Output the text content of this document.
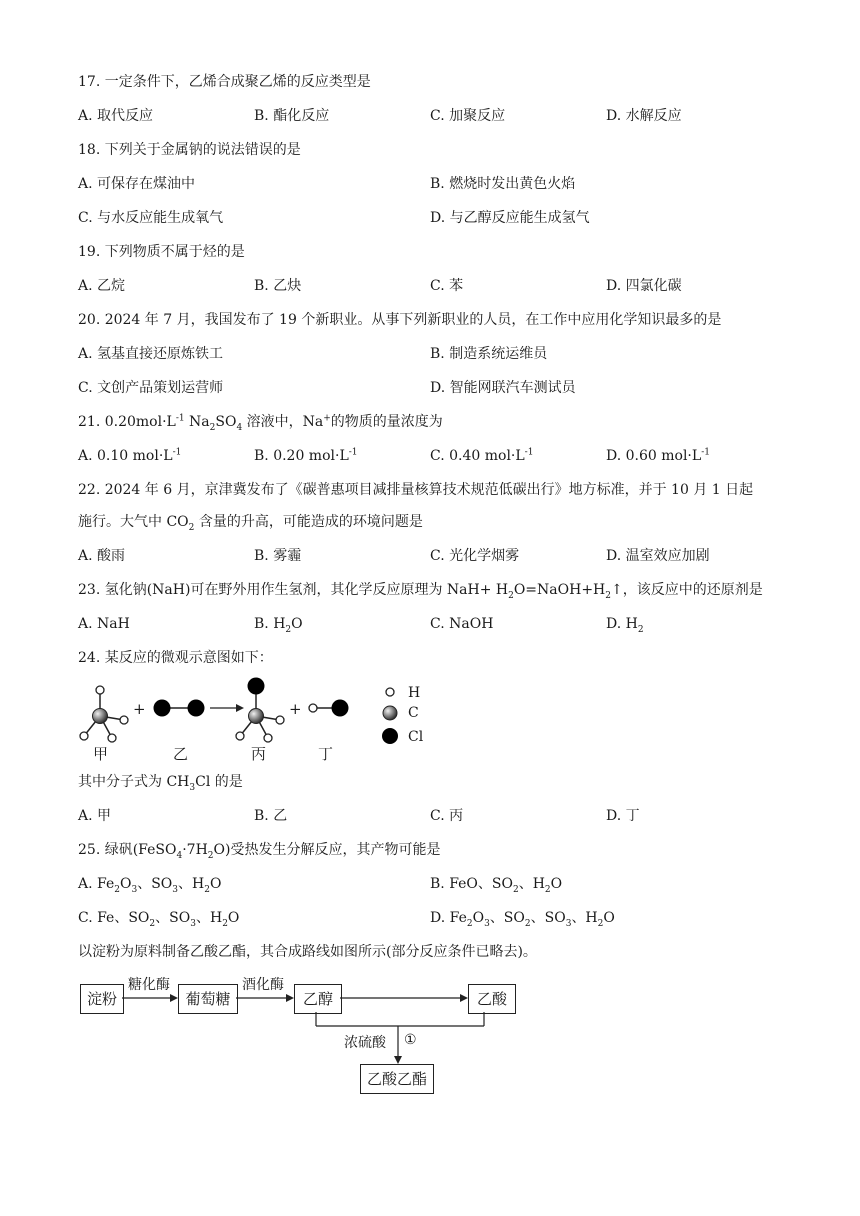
17. 一定条件下，乙烯合成聚乙烯的反应类型是
A. 取代反应	B. 酯化反应	C. 加聚反应	D. 水解反应
18. 下列关于金属钠的说法错误的是
A. 可保存在煤油中	B. 燃烧时发出黄色火焰
C. 与水反应能生成氧气	D. 与乙醇反应能生成氢气
19. 下列物质不属于烃的是
A. 乙烷	B. 乙炔	C. 苯	D. 四氯化碳
20. 2024 年 7 月，我国发布了 19 个新职业。从事下列新职业的人员，在工作中应用化学知识最多的是
A. 氢基直接还原炼铁工	B. 制造系统运维员
C. 文创产品策划运营师	D. 智能网联汽车测试员
21. $0.20mol\cdot L^{-1}$ $Na_2SO_4$ 溶液中，Na+的物质的量浓度为
A. 0.10 $mol\cdot L^{-1}$	B. 0.20 $mol\cdot L^{-1}$	C. 0.40 $mol\cdot L^{-1}$	D. 0.60 $mol\cdot L^{-1}$
22. 2024 年 6 月，京津冀发布了《碳普惠项目减排量核算技术规范低碳出行》地方标准，并于 10 月 1 日起
施行。大气中 $CO_2$ 含量的升高，可能造成的环境问题是
A. 酸雨	B. 雾霾	C. 光化学烟雾	D. 温室效应加剧
23. 氢化钠(NaH)可在野外用作生氢剂，其化学反应原理为 $NaH+ H_2O=NaOH+H_2↑$，该反应中的还原剂是
A. NaH	B. $H_2O$	C. NaOH	D. $H_2$
24. 某反应的微观示意图如下：
+	+
H
C
Cl
甲	乙	丙	丁
其中分子式为 $CH_3Cl$ 的是
A. 甲	B. 乙	C. 丙	D. 丁
25. 绿矾$(FeSO_4\cdot 7H_2O)$受热发生分解反应，其产物可能是
A. $Fe_2O_3$、$SO_3$、$H_2O$	B. FeO、$SO_2$、$H_2O$
C. Fe、$SO_2$、$SO_3$、$H_2O$	D. $Fe_2O_3$、$SO_2$、$SO_3$、$H_2O$
以淀粉为原料制备乙酸乙酯，其合成路线如图所示(部分反应条件已略去)。
淀粉	葡萄糖	乙醇	乙酸
乙酸乙酯
糖化酶	酒化酶
浓硫酸 ①
